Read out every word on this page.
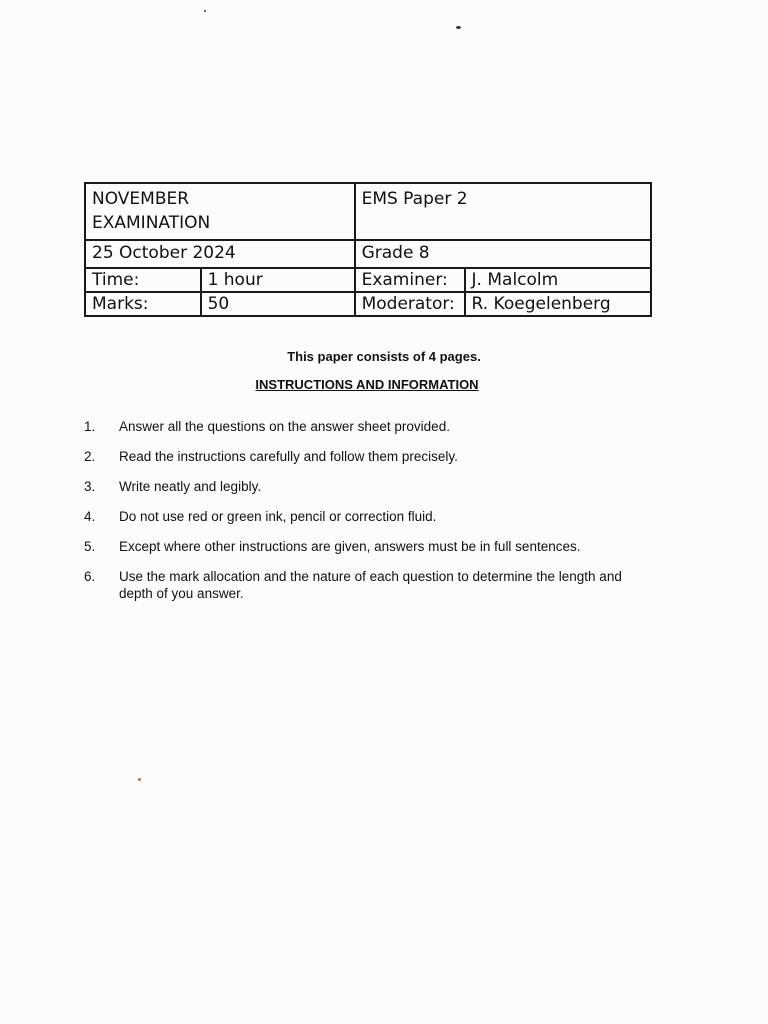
NOVEMBER
EXAMINATION		EMS Paper 2	
25 October 2024		Grade 8	
Time:	1 hour	Examiner:	J. Malcolm
Marks:	50	Moderator:	R. Koegelenberg
This paper consists of 4 pages.
INSTRUCTIONS AND INFORMATION
1.	Answer all the questions on the answer sheet provided.
2.	Read the instructions carefully and follow them precisely.
3.	Write neatly and legibly.
4.	Do not use red or green ink, pencil or correction fluid.
5.	Except where other instructions are given, answers must be in full sentences.
6.	Use the mark allocation and the nature of each question to determine the length and depth of you answer.
